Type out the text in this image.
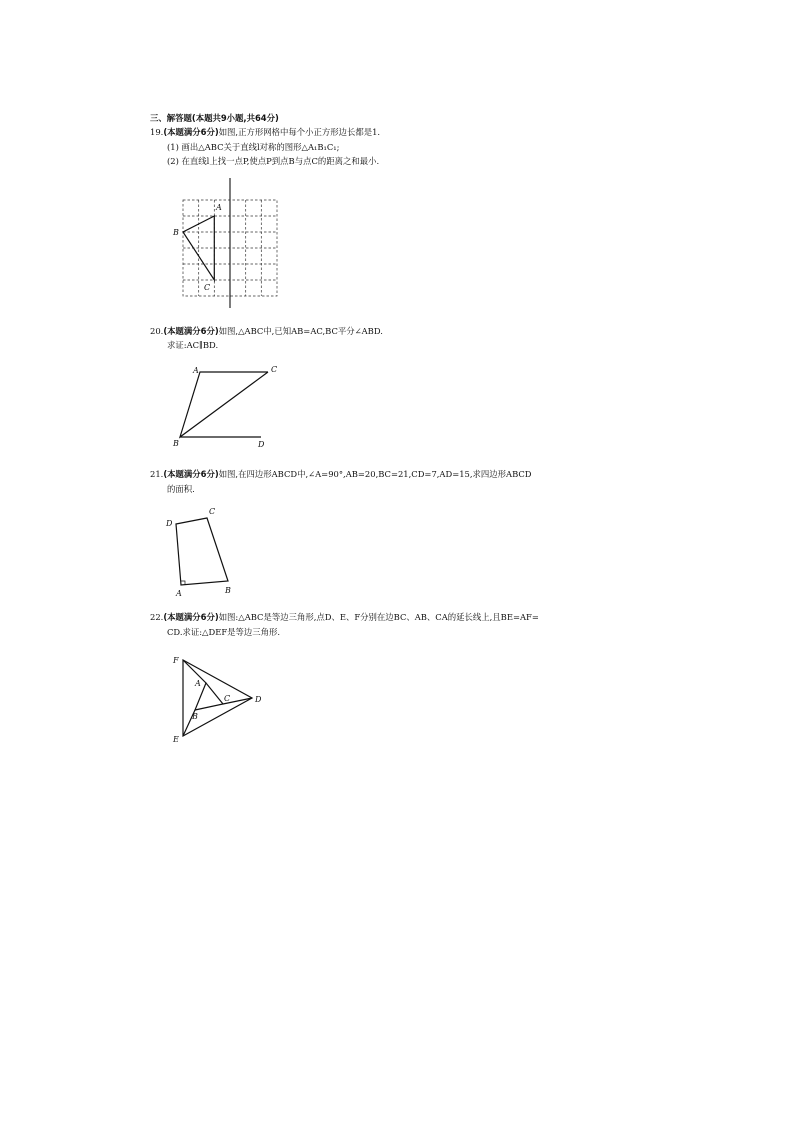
三、解答题(本题共9小题,共64分)
19.(本题满分6分)如图,正方形网格中每个小正方形边长都是1.
(1) 画出△ABC关于直线l对称的图形△A₁B₁C₁;
(2) 在直线l上找一点P,使点P到点B与点C的距离之和最小.
A
B
C
20.(本题满分6分)如图,△ABC中,已知AB=AC,BC平分∠ABD.
求证:AC∥BD.
A	C
B	D
21.(本题满分6分)如图,在四边形ABCD中,∠A=90°,AB=20,BC=21,CD=7,AD=15,求四边形ABCD
的面积.
D
C
A	B
22.(本题满分6分)如图:△ABC是等边三角形,点D、E、F分别在边BC、AB、CA的延长线上,且BE=AF=
CD.求证:△DEF是等边三角形.
F
A
C	D
B
E
